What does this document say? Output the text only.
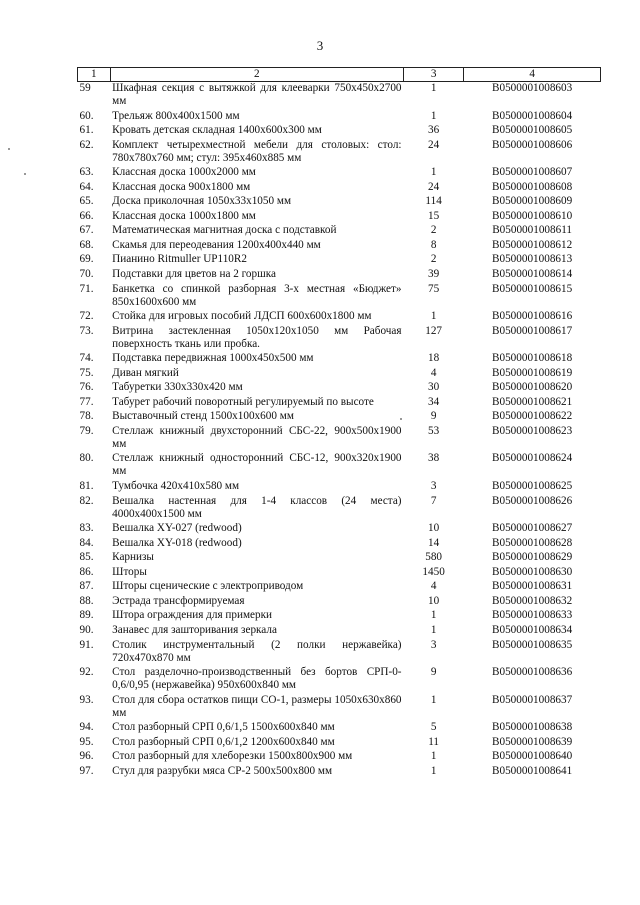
3
1	2	3	4
59	Шкафная секция с вытяжкой для клееварки 750х450х2700 мм	1	B0500001008603
60.	Трельяж 800х400х1500 мм	1	B0500001008604
61.	Кровать детская складная 1400х600х300 мм	36	B0500001008605
62.	Комплект четырехместной мебели для столовых: стол: 780х780х760 мм; стул: 395х460х885 мм	24	B0500001008606
63.	Классная доска 1000х2000 мм	1	B0500001008607
64.	Классная доска 900х1800 мм	24	B0500001008608
65.	Доска приколочная 1050х33х1050 мм	114	B0500001008609
66.	Классная доска 1000х1800 мм	15	B0500001008610
67.	Математическая магнитная доска с подставкой	2	B0500001008611
68.	Скамья для переодевания 1200х400х440 мм	8	B0500001008612
69.	Пианино Ritmuller UP110R2	2	B0500001008613
70.	Подставки для цветов на 2 горшка	39	B0500001008614
71.	Банкетка со спинкой разборная 3-х местная «Бюджет» 850х1600х600 мм	75	B0500001008615
72.	Стойка для игровых пособий ЛДСП 600х600х1800 мм	1	B0500001008616
73.	Витрина застекленная 1050х120х1050 мм Рабочая поверхность ткань или пробка.	127	B0500001008617
74.	Подставка передвижная 1000х450х500 мм	18	B0500001008618
75.	Диван мягкий	4	B0500001008619
76.	Табуретки 330х330х420 мм	30	B0500001008620
77.	Табурет рабочий поворотный регулируемый по высоте	34	B0500001008621
78.	Выставочный стенд 1500х100х600 мм	9	B0500001008622
79.	Стеллаж книжный двухсторонний СБС-22, 900х500х1900 мм	53	B0500001008623
80.	Стеллаж книжный односторонний СБС-12, 900х320х1900 мм	38	B0500001008624
81.	Тумбочка 420х410х580 мм	3	B0500001008625
82.	Вешалка настенная для 1-4 классов (24 места) 4000х400х1500 мм	7	B0500001008626
83.	Вешалка XY-027 (redwood)	10	B0500001008627
84.	Вешалка XY-018 (redwood)	14	B0500001008628
85.	Карнизы	580	B0500001008629
86.	Шторы	1450	B0500001008630
87.	Шторы сценические с электроприводом	4	B0500001008631
88.	Эстрада трансформируемая	10	B0500001008632
89.	Штора ограждения для примерки	1	B0500001008633
90.	Занавес для зашторивания зеркала	1	B0500001008634
91.	Столик инструментальный (2 полки нержавейка) 720х470х870 мм	3	B0500001008635
92.	Стол разделочно-производственный без бортов СРП-0-0,6/0,95 (нержавейка) 950х600х840 мм	9	B0500001008636
93.	Стол для сбора остатков пищи СО-1, размеры 1050х630х860 мм	1	B0500001008637
94.	Стол разборный СРП 0,6/1,5 1500х600х840 мм	5	B0500001008638
95.	Стол разборный СРП 0,6/1,2 1200х600х840 мм	11	B0500001008639
96.	Стол разборный для хлеборезки 1500х800х900 мм	1	B0500001008640
97.	Стул для разрубки мяса СР-2 500х500х800 мм	1	B0500001008641
